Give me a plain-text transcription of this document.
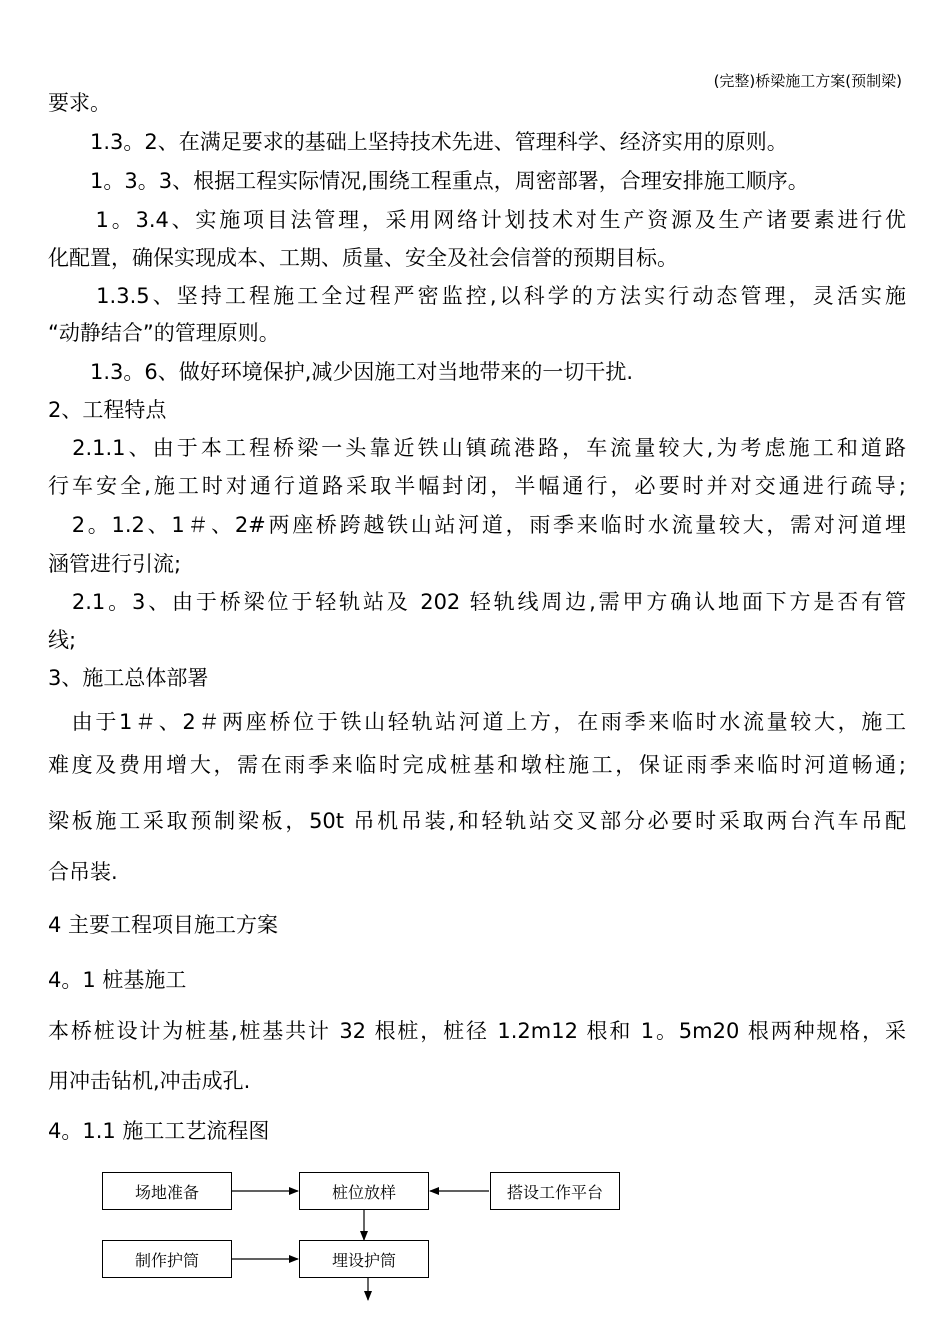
(完整)桥梁施工方案(预制梁)
要求。
　　1.3。2、在满足要求的基础上坚持技术先进、管理科学、经济实用的原则。
　　1。3。3、根据工程实际情况,围绕工程重点，周密部署，合理安排施工顺序。
　　1。3.4、实施项目法管理，采用网络计划技术对生产资源及生产诸要素进行优
化配置，确保实现成本、工期、质量、安全及社会信誉的预期目标。
　　1.3.5、坚持工程施工全过程严密监控,以科学的方法实行动态管理，灵活实施
“动静结合”的管理原则。
　　1.3。6、做好环境保护,减少因施工对当地带来的一切干扰.
2、工程特点
　2.1.1、由于本工程桥梁一头靠近铁山镇疏港路，车流量较大,为考虑施工和道路
行车安全,施工时对通行道路采取半幅封闭，半幅通行，必要时并对交通进行疏导;
　2。1.2、1＃、2#两座桥跨越铁山站河道，雨季来临时水流量较大，需对河道埋
涵管进行引流;
　2.1。3、由于桥梁位于轻轨站及 202 轻轨线周边,需甲方确认地面下方是否有管
线;
3、施工总体部署
　由于1＃、2＃两座桥位于铁山轻轨站河道上方，在雨季来临时水流量较大，施工
难度及费用增大，需在雨季来临时完成桩基和墩柱施工，保证雨季来临时河道畅通;
梁板施工采取预制梁板，50t 吊机吊装,和轻轨站交叉部分必要时采取两台汽车吊配
合吊装.
4 主要工程项目施工方案
4。1 桩基施工
本桥桩设计为桩基,桩基共计 32 根桩，桩径 1.2m12 根和 1。5m20 根两种规格，采
用冲击钻机,冲击成孔.
4。1.1 施工工艺流程图
场地准备	桩位放样	搭设工作平台
制作护筒	埋设护筒
